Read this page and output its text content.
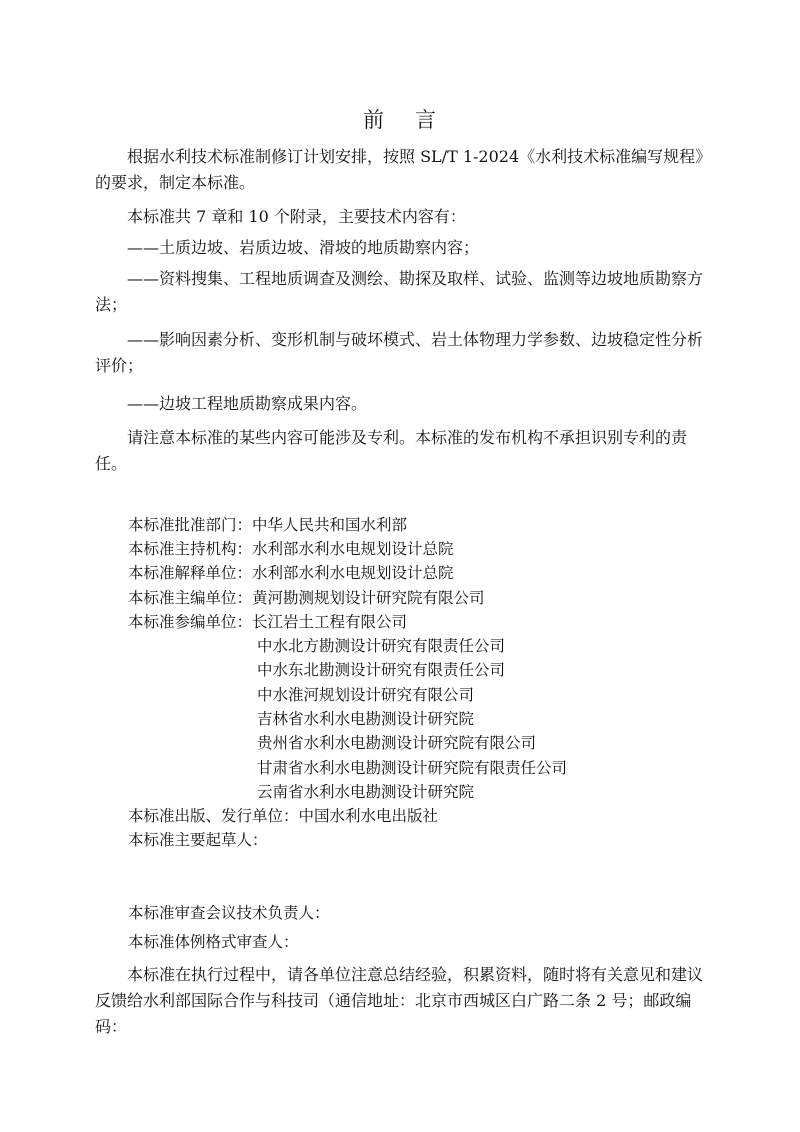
前 言

根据水利技术标准制修订计划安排，按照 SL/T 1-2024《水利技术标准编写规程》的要求，制定本标准。

本标准共 7 章和 10 个附录，主要技术内容有：

——土质边坡、岩质边坡、滑坡的地质勘察内容；

——资料搜集、工程地质调查及测绘、勘探及取样、试验、监测等边坡地质勘察方法；

——影响因素分析、变形机制与破坏模式、岩土体物理力学参数、边坡稳定性分析评价；

——边坡工程地质勘察成果内容。

请注意本标准的某些内容可能涉及专利。本标准的发布机构不承担识别专利的责任。

本标准批准部门：中华人民共和国水利部
本标准主持机构：水利部水利水电规划设计总院
本标准解释单位：水利部水利水电规划设计总院
本标准主编单位：黄河勘测规划设计研究院有限公司
本标准参编单位：长江岩土工程有限公司
中水北方勘测设计研究有限责任公司
中水东北勘测设计研究有限责任公司
中水淮河规划设计研究有限公司
吉林省水利水电勘测设计研究院
贵州省水利水电勘测设计研究院有限公司
甘肃省水利水电勘测设计研究院有限责任公司
云南省水利水电勘测设计研究院
本标准出版、发行单位：中国水利水电出版社
本标准主要起草人：
本标准审查会议技术负责人：
本标准体例格式审查人：

本标准在执行过程中，请各单位注意总结经验，积累资料，随时将有关意见和建议反馈给水利部国际合作与科技司（通信地址：北京市西城区白广路二条 2 号；邮政编码：
